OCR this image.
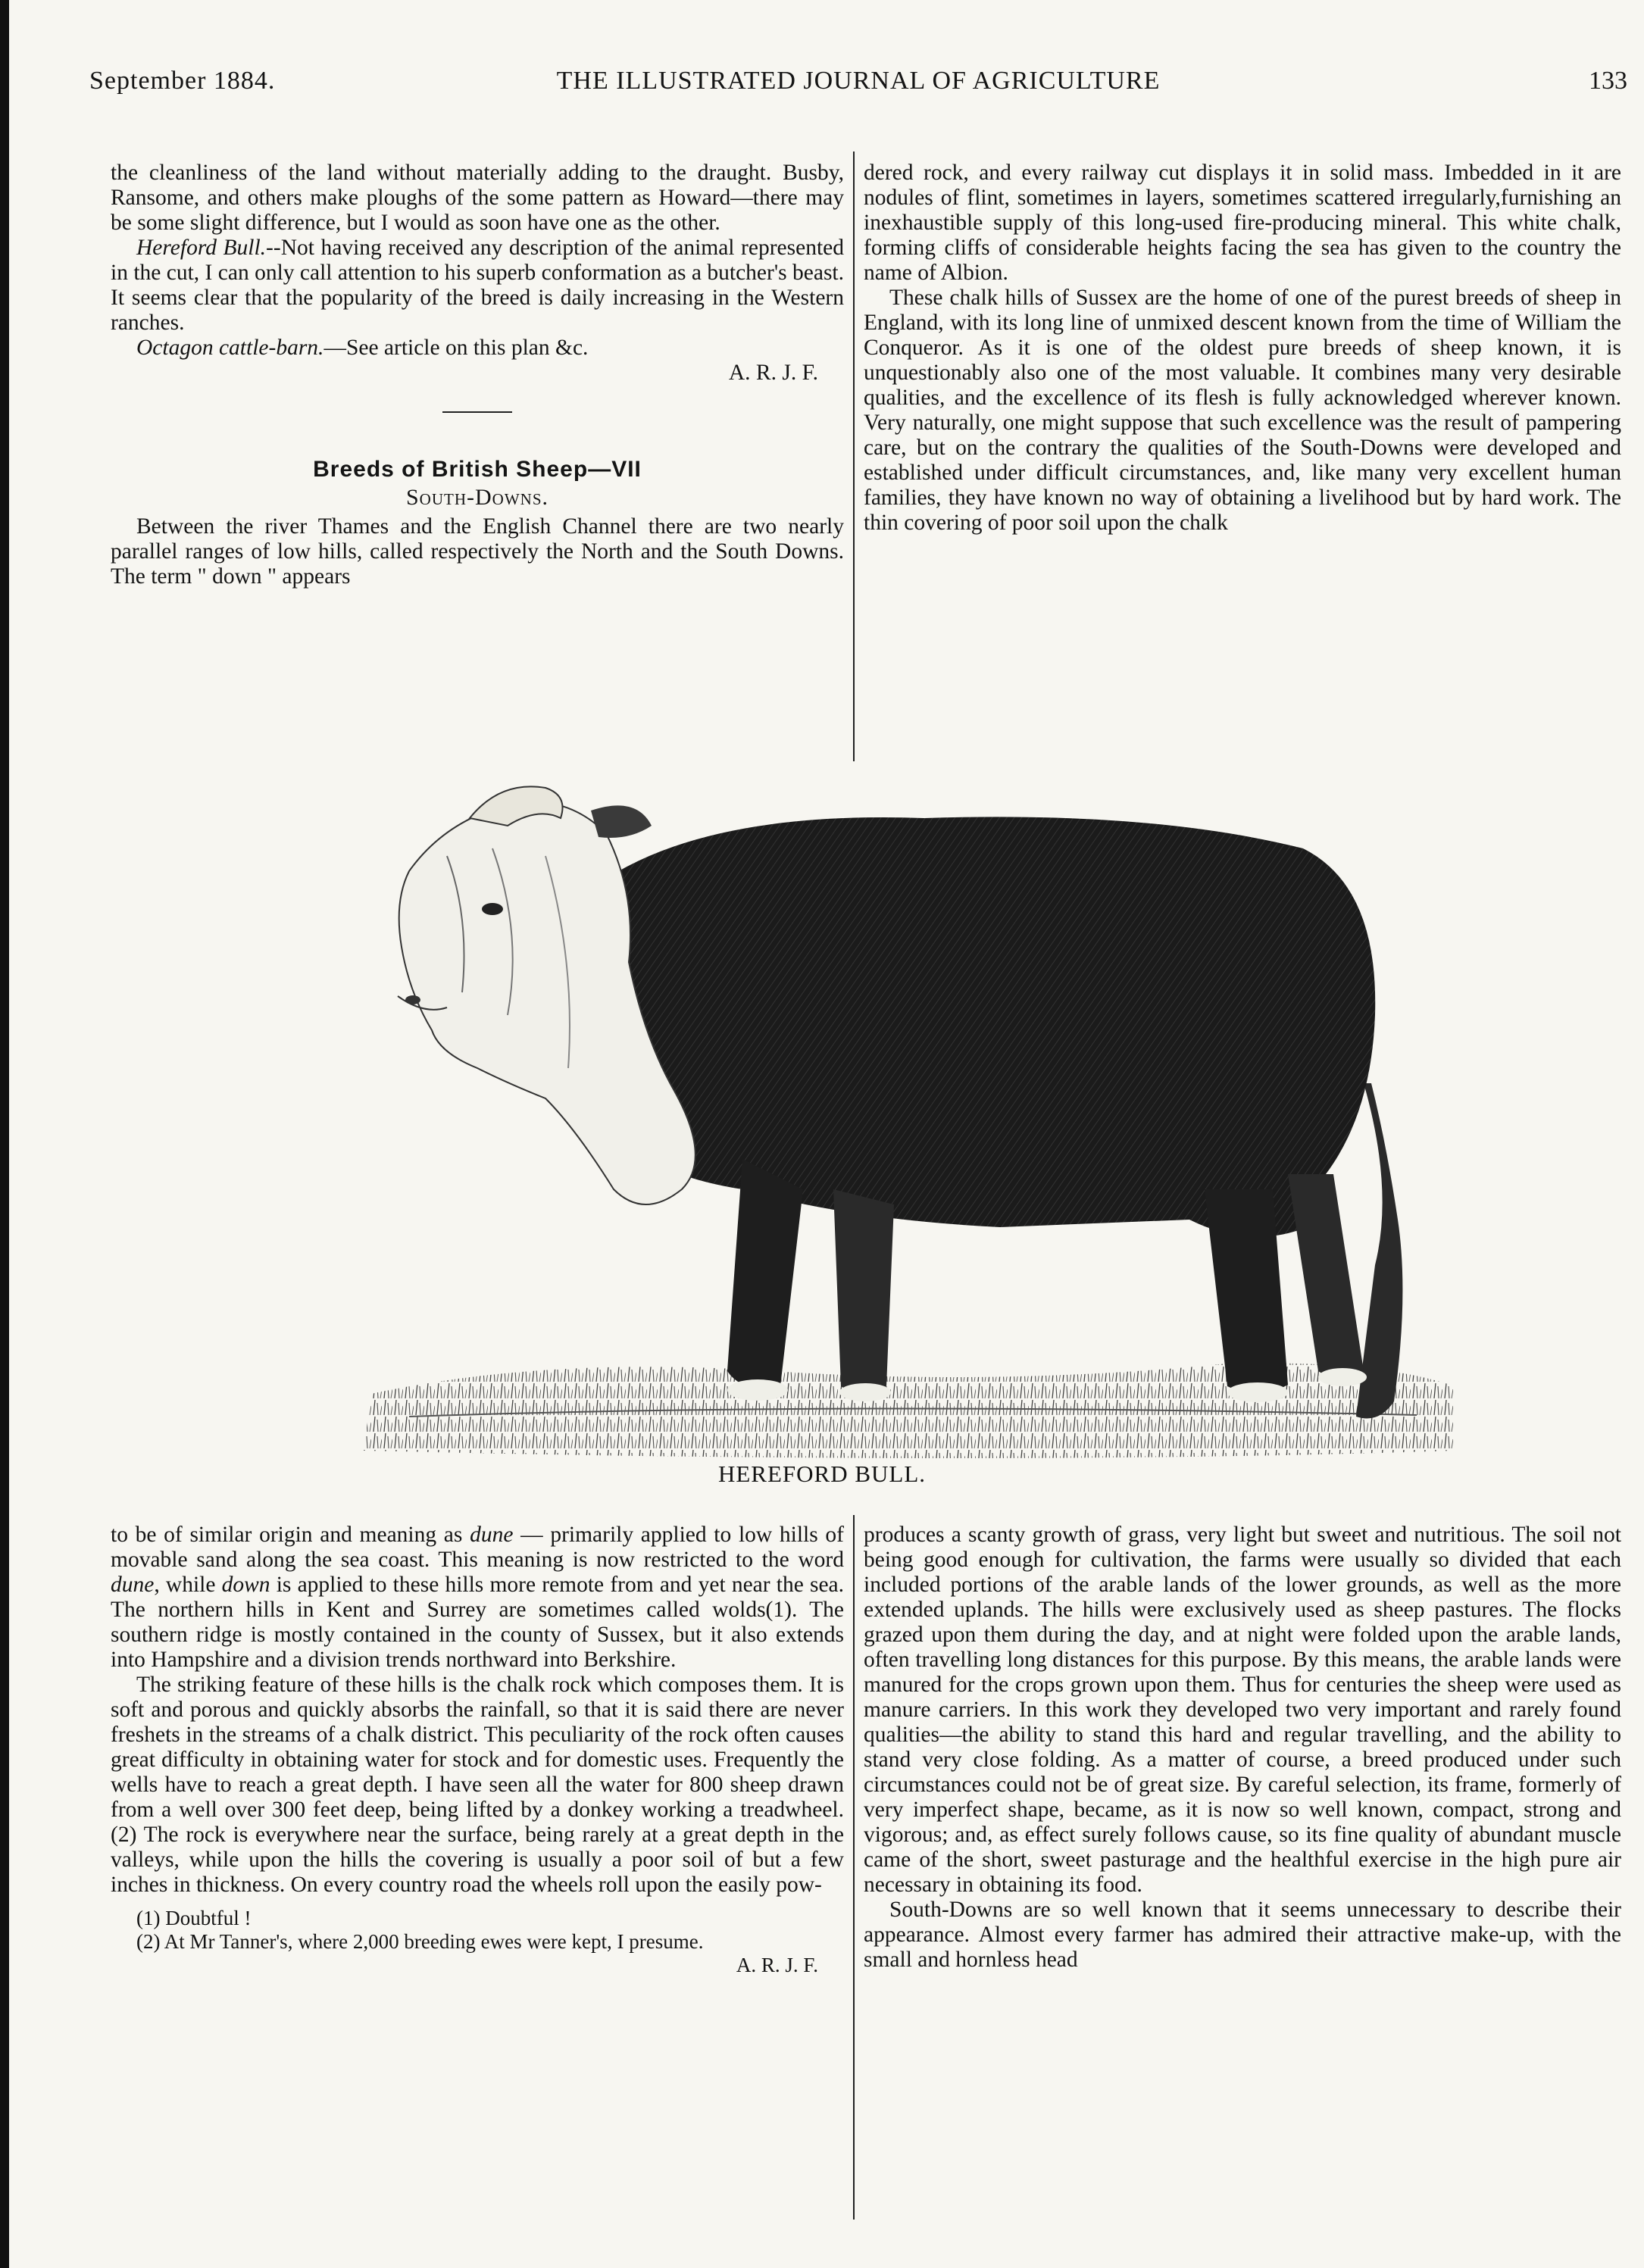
September 1884.	THE ILLUSTRATED JOURNAL OF AGRICULTURE	133

the cleanliness of the land without materially adding to the draught. Busby, Ransome, and others make ploughs of the some pattern as Howard—there may be some slight difference, but I would as soon have one as the other.

Hereford Bull.--Not having received any description of the animal represented in the cut, I can only call attention to his superb conformation as a butcher's beast. It seems clear that the popularity of the breed is daily increasing in the Western ranches.

Octagon cattle-barn.—See article on this plan &c.

A. R. J. F.

Breeds of British Sheep—VII
South-Downs.

Between the river Thames and the English Channel there are two nearly parallel ranges of low hills, called respectively the North and the South Downs. The term " down " appears

dered rock, and every railway cut displays it in solid mass. Imbedded in it are nodules of flint, sometimes in layers, sometimes scattered irregularly,furnishing an inexhaustible supply of this long-used fire-producing mineral. This white chalk, forming cliffs of considerable heights facing the sea has given to the country the name of Albion.

These chalk hills of Sussex are the home of one of the purest breeds of sheep in England, with its long line of unmixed descent known from the time of William the Conqueror. As it is one of the oldest pure breeds of sheep known, it is unquestionably also one of the most valuable. It combines many very desirable qualities, and the excellence of its flesh is fully acknowledged wherever known. Very naturally, one might suppose that such excellence was the result of pampering care, but on the contrary the qualities of the South-Downs were developed and established under difficult circumstances, and, like many very excellent human families, they have known no way of obtaining a livelihood but by hard work. The thin covering of poor soil upon the chalk

HEREFORD BULL.

to be of similar origin and meaning as dune — primarily applied to low hills of movable sand along the sea coast. This meaning is now restricted to the word dune, while down is applied to these hills more remote from and yet near the sea. The northern hills in Kent and Surrey are sometimes called wolds(1). The southern ridge is mostly contained in the county of Sussex, but it also extends into Hampshire and a division trends northward into Berkshire.

The striking feature of these hills is the chalk rock which composes them. It is soft and porous and quickly absorbs the rainfall, so that it is said there are never freshets in the streams of a chalk district. This peculiarity of the rock often causes great difficulty in obtaining water for stock and for domestic uses. Frequently the wells have to reach a great depth. I have seen all the water for 800 sheep drawn from a well over 300 feet deep, being lifted by a donkey working a treadwheel. (2) The rock is everywhere near the surface, being rarely at a great depth in the valleys, while upon the hills the covering is usually a poor soil of but a few inches in thickness. On every country road the wheels roll upon the easily pow-

(1) Doubtful !

(2) At Mr Tanner's, where 2,000 breeding ewes were kept, I presume.

A. R. J. F.

produces a scanty growth of grass, very light but sweet and nutritious. The soil not being good enough for cultivation, the farms were usually so divided that each included portions of the arable lands of the lower grounds, as well as the more extended uplands. The hills were exclusively used as sheep pastures. The flocks grazed upon them during the day, and at night were folded upon the arable lands, often travelling long distances for this purpose. By this means, the arable lands were manured for the crops grown upon them. Thus for centuries the sheep were used as manure carriers. In this work they developed two very important and rarely found qualities—the ability to stand this hard and regular travelling, and the ability to stand very close folding. As a matter of course, a breed produced under such circumstances could not be of great size. By careful selection, its frame, formerly of very imperfect shape, became, as it is now so well known, compact, strong and vigorous; and, as effect surely follows cause, so its fine quality of abundant muscle came of the short, sweet pasturage and the healthful exercise in the high pure air necessary in obtaining its food.

South-Downs are so well known that it seems unnecessary to describe their appearance. Almost every farmer has admired their attractive make-up, with the small and hornless head
